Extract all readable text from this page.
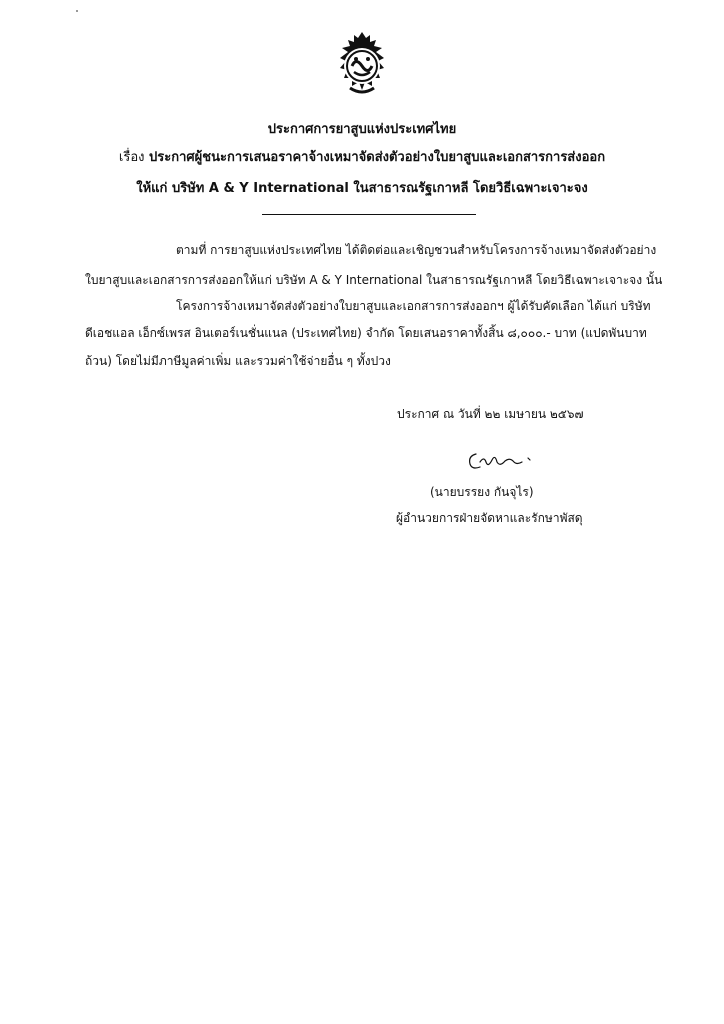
ประกาศการยาสูบแห่งประเทศไทย
เรื่อง ประกาศผู้ชนะการเสนอราคาจ้างเหมาจัดส่งตัวอย่างใบยาสูบและเอกสารการส่งออก
ให้แก่ บริษัท A & Y International ในสาธารณรัฐเกาหลี โดยวิธีเฉพาะเจาะจง
ตามที่ การยาสูบแห่งประเทศไทย ได้ติดต่อและเชิญชวนสำหรับโครงการจ้างเหมาจัดส่งตัวอย่าง
ใบยาสูบและเอกสารการส่งออกให้แก่ บริษัท A & Y International ในสาธารณรัฐเกาหลี โดยวิธีเฉพาะเจาะจง นั้น
โครงการจ้างเหมาจัดส่งตัวอย่างใบยาสูบและเอกสารการส่งออกฯ ผู้ได้รับคัดเลือก ได้แก่ บริษัท
ดีเอชแอล เอ็กซ์เพรส อินเตอร์เนชั่นแนล (ประเทศไทย) จำกัด โดยเสนอราคาทั้งสิ้น ๘,๐๐๐.- บาท (แปดพันบาท
ถ้วน) โดยไม่มีภาษีมูลค่าเพิ่ม และรวมค่าใช้จ่ายอื่น ๆ ทั้งปวง
ประกาศ ณ วันที่ ๒๒ เมษายน ๒๕๖๗
(นายบรรยง กันจุไร)
ผู้อำนวยการฝ่ายจัดหาและรักษาพัสดุ
